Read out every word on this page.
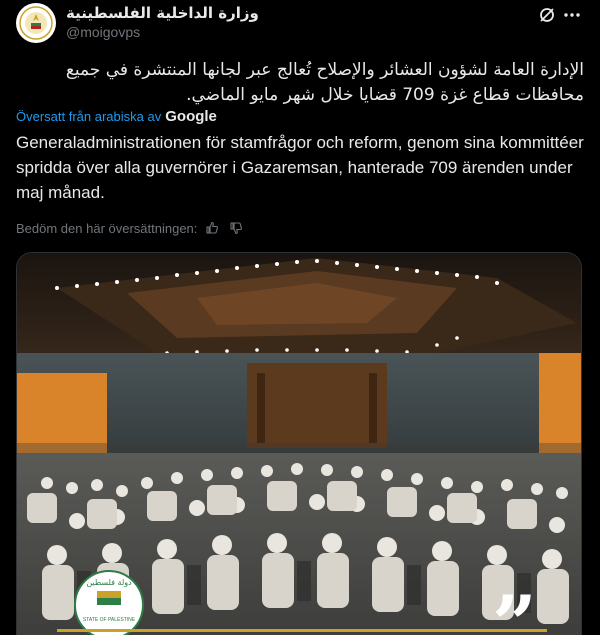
وزارة الداخلية الفلسطينية
@moigovps
الإدارة العامة لشؤون العشائر والإصلاح تُعالج عبر لجانها المنتشرة في جميع محافظات قطاع غزة 709 قضايا خلال شهر مايو الماضي.
Översatt från arabiska av Google
Generaladministrationen för stamfrågor och reform, genom sina kommittéer spridda över alla guvernörer i Gazaremsan, hanterade 709 ärenden under maj månad.
Bedöm den här översättningen:
دولة فلسطين
STATE OF PALESTINE	”
